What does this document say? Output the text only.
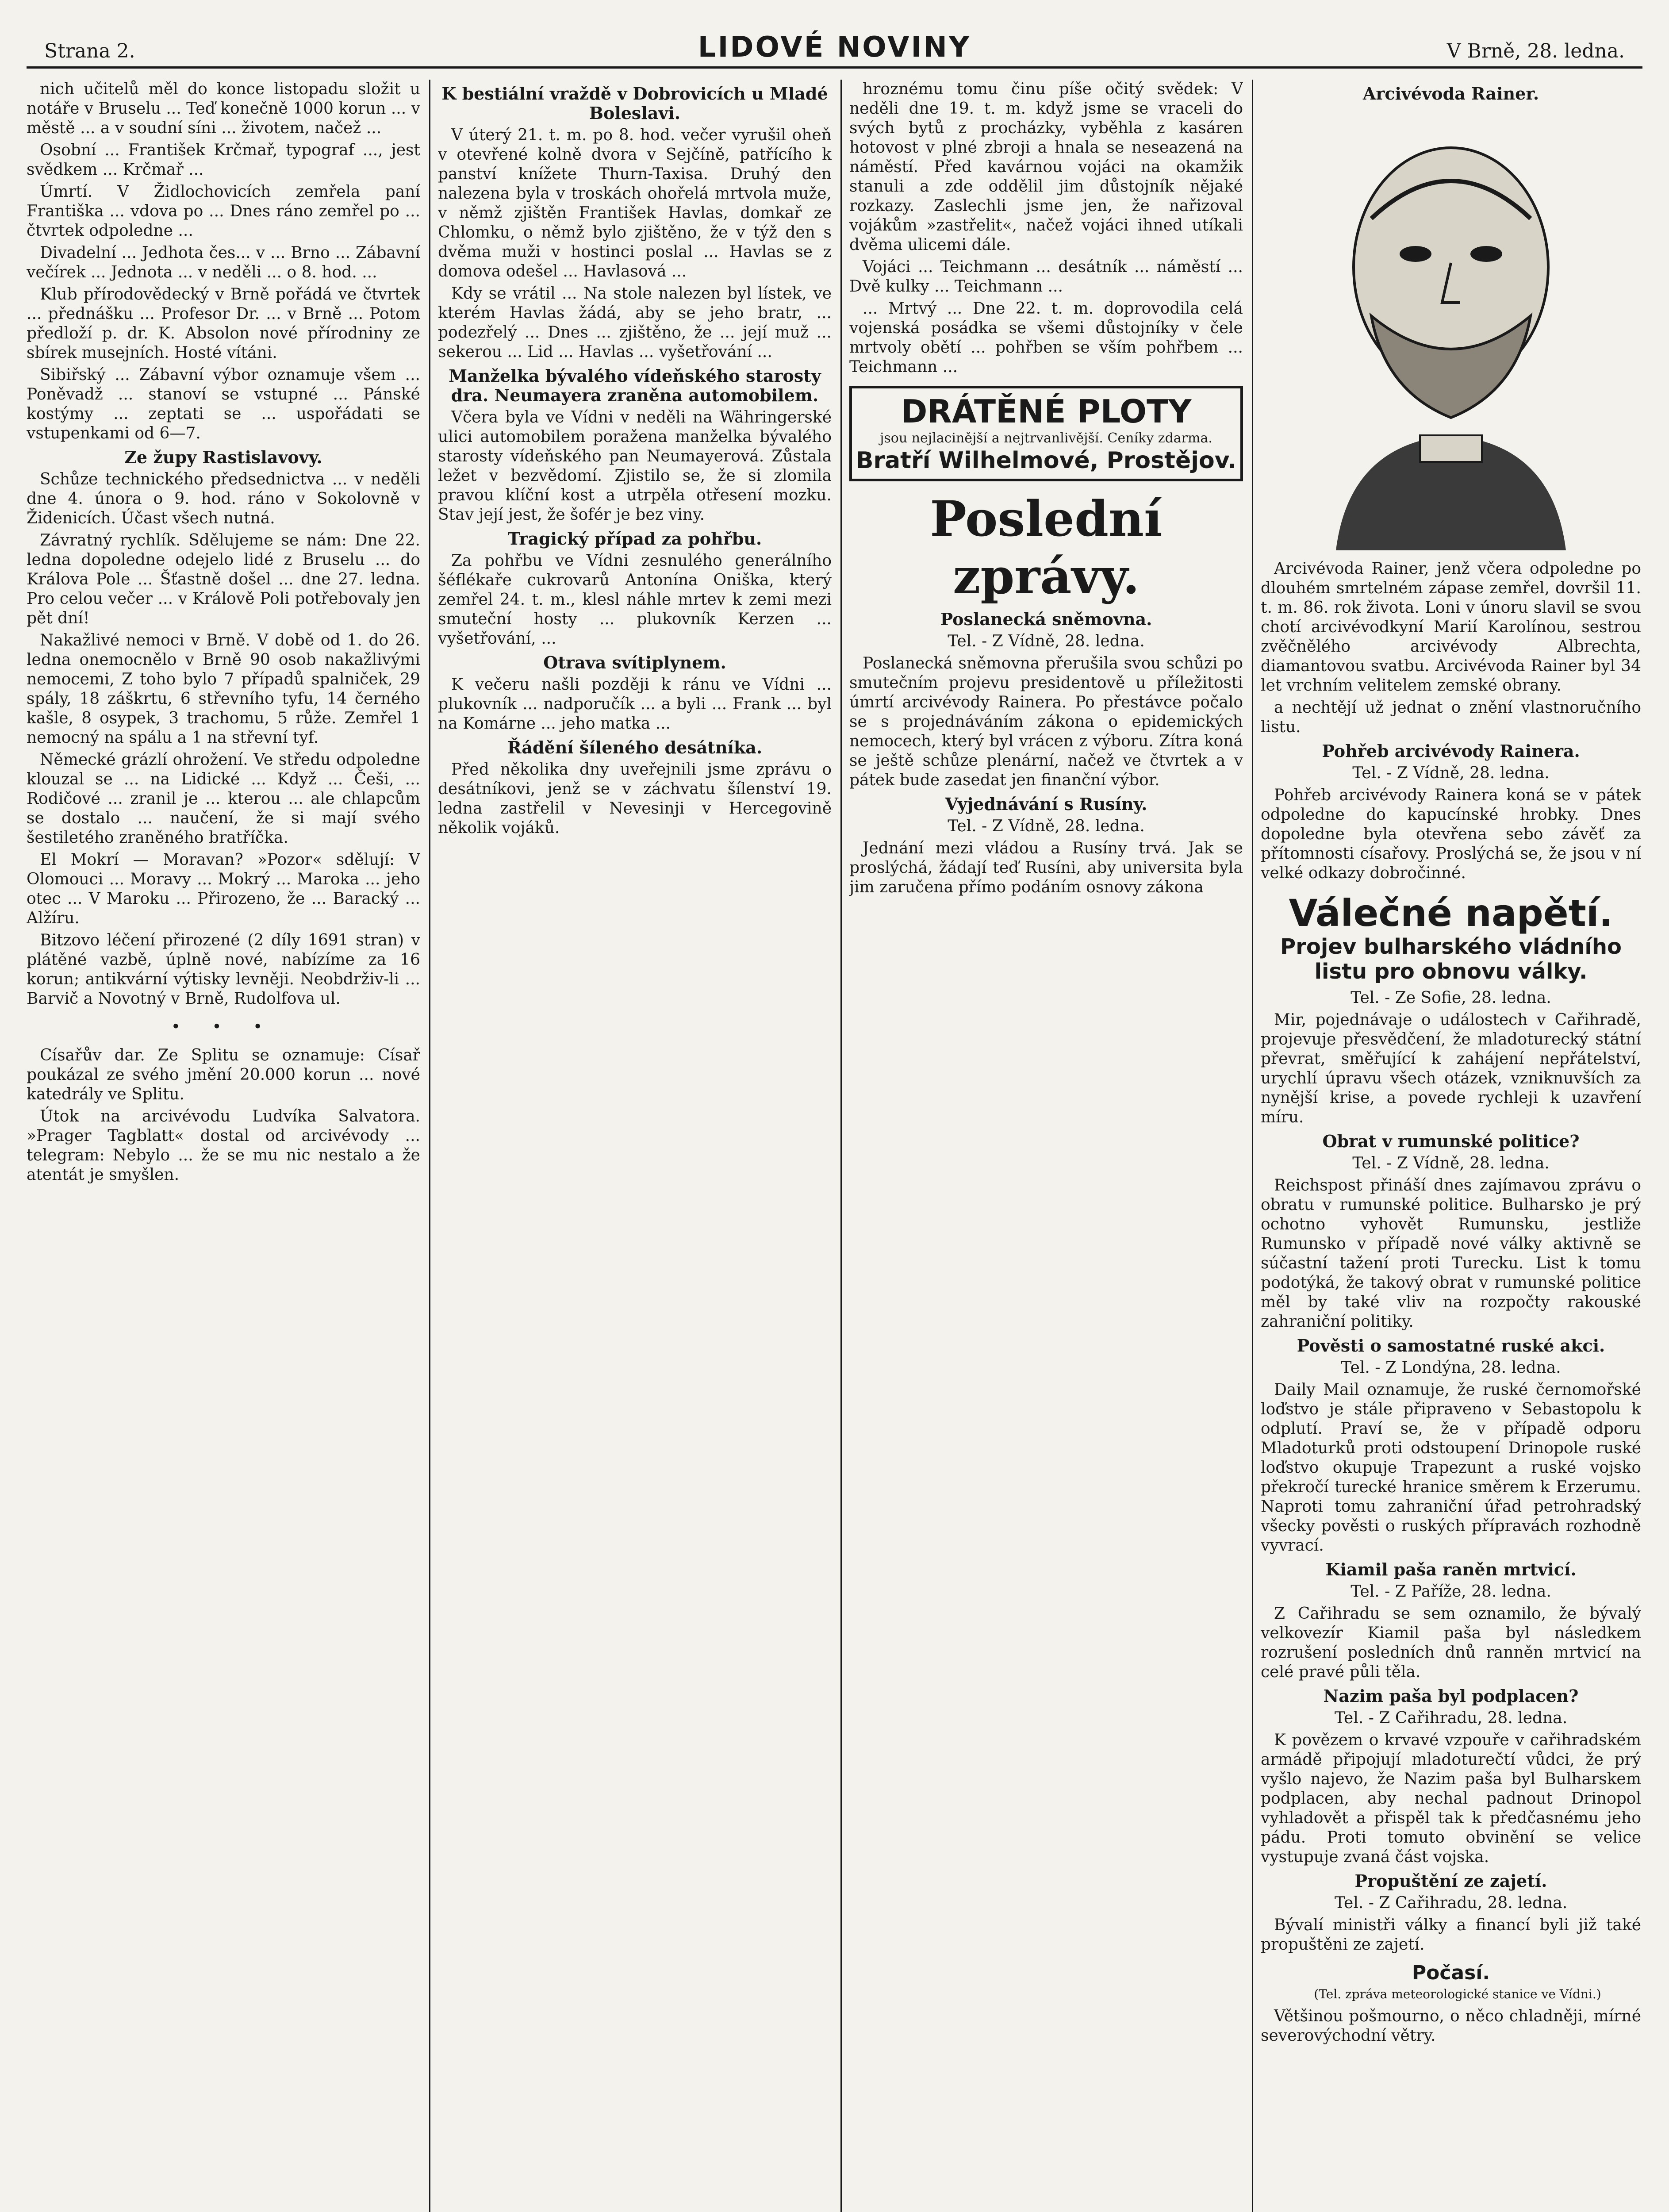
Strana 2.	LIDOVÉ NOVINY	V Brně, 28. ledna.

nich učitelů měl do konce listopadu složit u notáře v Bruselu ... Teď konečně 1000 korun ... v městě ... a v soudní síni ... životem, načež ...

Osobní ... František Krčmař, typograf ..., jest svědkem ... Krčmař ...

Úmrtí. V Židlochovicích zemřela paní Františka ... vdova po ... Dnes ráno zemřel po ... čtvrtek odpoledne ...

Divadelní ... Jedhota čes... v ... Brno ... Zábavní večírek ... Jednota ... v neděli ... o 8. hod. ...

Klub přírodovědecký v Brně pořádá ve čtvrtek ... přednášku ... Profesor Dr. ... v Brně ... Potom předloží p. dr. K. Absolon nové přírodniny ze sbírek musejních. Hosté vítáni.

Sibiřský ... Zábavní výbor oznamuje všem ... Poněvadž ... stanoví se vstupné ... Pánské kostýmy ... zeptati se ... uspořádati se vstupenkami od 6—7.

Ze župy Rastislavovy.

Schůze technického předsednictva ... v neděli dne 4. února o 9. hod. ráno v Sokolovně v Židenicích. Účast všech nutná.

Závratný rychlík. Sdělujeme se nám: Dne 22. ledna dopoledne odejelo lidé z Bruselu ... do Králova Pole ... Šťastně došel ... dne 27. ledna. Pro celou večer ... v Králově Poli potřebovaly jen pět dní!

Nakažlivé nemoci v Brně. V době od 1. do 26. ledna onemocnělo v Brně 90 osob nakažlivými nemocemi, Z toho bylo 7 případů spalniček, 29 spály, 18 záškrtu, 6 střevního tyfu, 14 černého kašle, 8 osypek, 3 trachomu, 5 růže. Zemřel 1 nemocný na spálu a 1 na střevní tyf.

Německé grázlí ohrožení. Ve středu odpoledne klouzal se ... na Lidické ... Když ... Češi, ... Rodičové ... zranil je ... kterou ... ale chlapcům se dostalo ... naučení, že si mají svého šestiletého zraněného bratříčka.

El Mokrí — Moravan? »Pozor« sdělují: V Olomouci ... Moravy ... Mokrý ... Maroka ... jeho otec ... V Maroku ... Přirozeno, že ... Baracký ... Alžíru.

Bitzovo léčení přirozené (2 díly 1691 stran) v plátěné vazbě, úplně nové, nabízíme za 16 korun; antikvární výtisky levněji. Neobdrživ-li ... Barvič a Novotný v Brně, Rudolfova ul.

• • •

Císařův dar. Ze Splitu se oznamuje: Císař poukázal ze svého jmění 20.000 korun ... nové katedrály ve Splitu.

Útok na arcivévodu Ludvíka Salvatora. »Prager Tagblatt« dostal od arcivévody ... telegram: Nebylo ... že se mu nic nestalo a že atentát je smyšlen.

K bestiální vraždě v Dobrovicích u Mladé Boleslavi.

V úterý 21. t. m. po 8. hod. večer vyrušil oheň v otevřené kolně dvora v Sejčíně, patřícího k panství knížete Thurn-Taxisa. Druhý den nalezena byla v troskách ohořelá mrtvola muže, v němž zjištěn František Havlas, domkař ze Chlomku, o němž bylo zjištěno, že v týž den s dvěma muži v hostinci poslal ... Havlas se z domova odešel ... Havlasová ...

Kdy se vrátil ... Na stole nalezen byl lístek, ve kterém Havlas žádá, aby se jeho bratr, ... podezřelý ... Dnes ... zjištěno, že ... její muž ... sekerou ... Lid ... Havlas ... vyšetřování ...

Manželka bývalého vídeňského starosty dra. Neumayera zraněna automobilem.

Včera byla ve Vídni v neděli na Währingerské ulici automobilem poražena manželka bývalého starosty vídeňského pan Neumayerová. Zůstala ležet v bezvědomí. Zjistilo se, že si zlomila pravou klíční kost a utrpěla otřesení mozku. Stav její jest, že šofér je bez viny.

Tragický případ za pohřbu.

Za pohřbu ve Vídni zesnulého generálního šéflékaře cukrovarů Antonína Oniška, který zemřel 24. t. m., klesl náhle mrtev k zemi mezi smuteční hosty ... plukovník Kerzen ... vyšetřování, ...

Otrava svítiplynem.

K večeru našli později k ránu ve Vídni ... plukovník ... nadporučík ... a byli ... Frank ... byl na Komárne ... jeho matka ...

Řádění šíleného desátníka.

Před několika dny uveřejnili jsme zprávu o desátníkovi, jenž se v záchvatu šílenství 19. ledna zastřelil v Nevesinji v Hercegovině několik vojáků.

hroznému tomu činu píše očitý svědek: V neděli dne 19. t. m. když jsme se vraceli do svých bytů z procházky, vyběhla z kasáren hotovost v plné zbroji a hnala se neseazená na náměstí. Před kavárnou vojáci na okamžik stanuli a zde oddělil jim důstojník nějaké rozkazy. Zaslechli jsme jen, že nařizoval vojákům »zastřelit«, načež vojáci ihned utíkali dvěma ulicemi dále.

Vojáci ... Teichmann ... desátník ... náměstí ... Dvě kulky ... Teichmann ...

... Mrtvý ... Dne 22. t. m. doprovodila celá vojenská posádka se všemi důstojníky v čele mrtvoly obětí ... pohřben se vším pohřbem ... Teichmann ...

DRÁTĚNÉ PLOTY
jsou nejlacinější a nejtrvanlivější. Ceníky zdarma.
Bratří Wilhelmové, Prostějov.
Poslední zprávy.
Poslanecká sněmovna.

Tel. - Z Vídně, 28. ledna.

Poslanecká sněmovna přerušila svou schůzi po smutečním projevu presidentově u příležitosti úmrtí arcivévody Rainera. Po přestávce počalo se s projednáváním zákona o epidemických nemocech, který byl vrácen z výboru. Zítra koná se ještě schůze plenární, načež ve čtvrtek a v pátek bude zasedat jen finanční výbor.

Vyjednávání s Rusíny.

Tel. - Z Vídně, 28. ledna.

Jednání mezi vládou a Rusíny trvá. Jak se proslýchá, žádají teď Rusíni, aby universita byla jim zaručena přímo podáním osnovy zákona

Arcivévoda Rainer.

Arcivévoda Rainer, jenž včera odpoledne po dlouhém smrtelném zápase zemřel, dovršil 11. t. m. 86. rok života. Loni v únoru slavil se svou chotí arcivévodkyní Marií Karolínou, sestrou zvěčnělého arcivévody Albrechta, diamantovou svatbu. Arcivévoda Rainer byl 34 let vrchním velitelem zemské obrany.

a nechtějí už jednat o znění vlastnoručního listu.

Pohřeb arcivévody Rainera.

Tel. - Z Vídně, 28. ledna.

Pohřeb arcivévody Rainera koná se v pátek odpoledne do kapucínské hrobky. Dnes dopoledne byla otevřena sebo závěť za přítomnosti císařovy. Proslýchá se, že jsou v ní velké odkazy dobročinné.

Válečné napětí.
Projev bulharského vládního listu pro obnovu války.

Tel. - Ze Sofie, 28. ledna.

Mir, pojednávaje o událostech v Cařihradě, projevuje přesvědčení, že mladoturecký státní převrat, směřující k zahájení nepřátelství, urychlí úpravu všech otázek, vzniknuvších za nynější krise, a povede rychleji k uzavření míru.

Obrat v rumunské politice?

Tel. - Z Vídně, 28. ledna.

Reichspost přináší dnes zajímavou zprávu o obratu v rumunské politice. Bulharsko je prý ochotno vyhovět Rumunsku, jestliže Rumunsko v případě nové války aktivně se súčastní tažení proti Turecku. List k tomu podotýká, že takový obrat v rumunské politice měl by také vliv na rozpočty rakouské zahraniční politiky.

Pověsti o samostatné ruské akci.

Tel. - Z Londýna, 28. ledna.

Daily Mail oznamuje, že ruské černomořské loďstvo je stále připraveno v Sebastopolu k odplutí. Praví se, že v případě odporu Mladoturků proti odstoupení Drinopole ruské loďstvo okupuje Trapezunt a ruské vojsko překročí turecké hranice směrem k Erzerumu. Naproti tomu zahraniční úřad petrohradský všecky pověsti o ruských přípravách rozhodně vyvrací.

Kiamil paša raněn mrtvicí.

Tel. - Z Paříže, 28. ledna.

Z Cařihradu se sem oznamilo, že bývalý velkovezír Kiamil paša byl následkem rozrušení posledních dnů ranněn mrtvicí na celé pravé půli těla.

Nazim paša byl podplacen?

Tel. - Z Cařihradu, 28. ledna.

K povězem o krvavé vzpouře v cařihradském armádě připojují mladoturečtí vůdci, že prý vyšlo najevo, že Nazim paša byl Bulharskem podplacen, aby nechal padnout Drinopol vyhladovět a přispěl tak k předčasnému jeho pádu. Proti tomuto obvinění se velice vystupuje zvaná část vojska.

Propuštění ze zajetí.

Tel. - Z Cařihradu, 28. ledna.

Bývalí ministři války a financí byli již také propuštěni ze zajetí.

Počasí.

(Tel. zpráva meteorologické stanice ve Vídni.)

Většinou pošmourno, o něco chladněji, mírné severovýchodní větry.
